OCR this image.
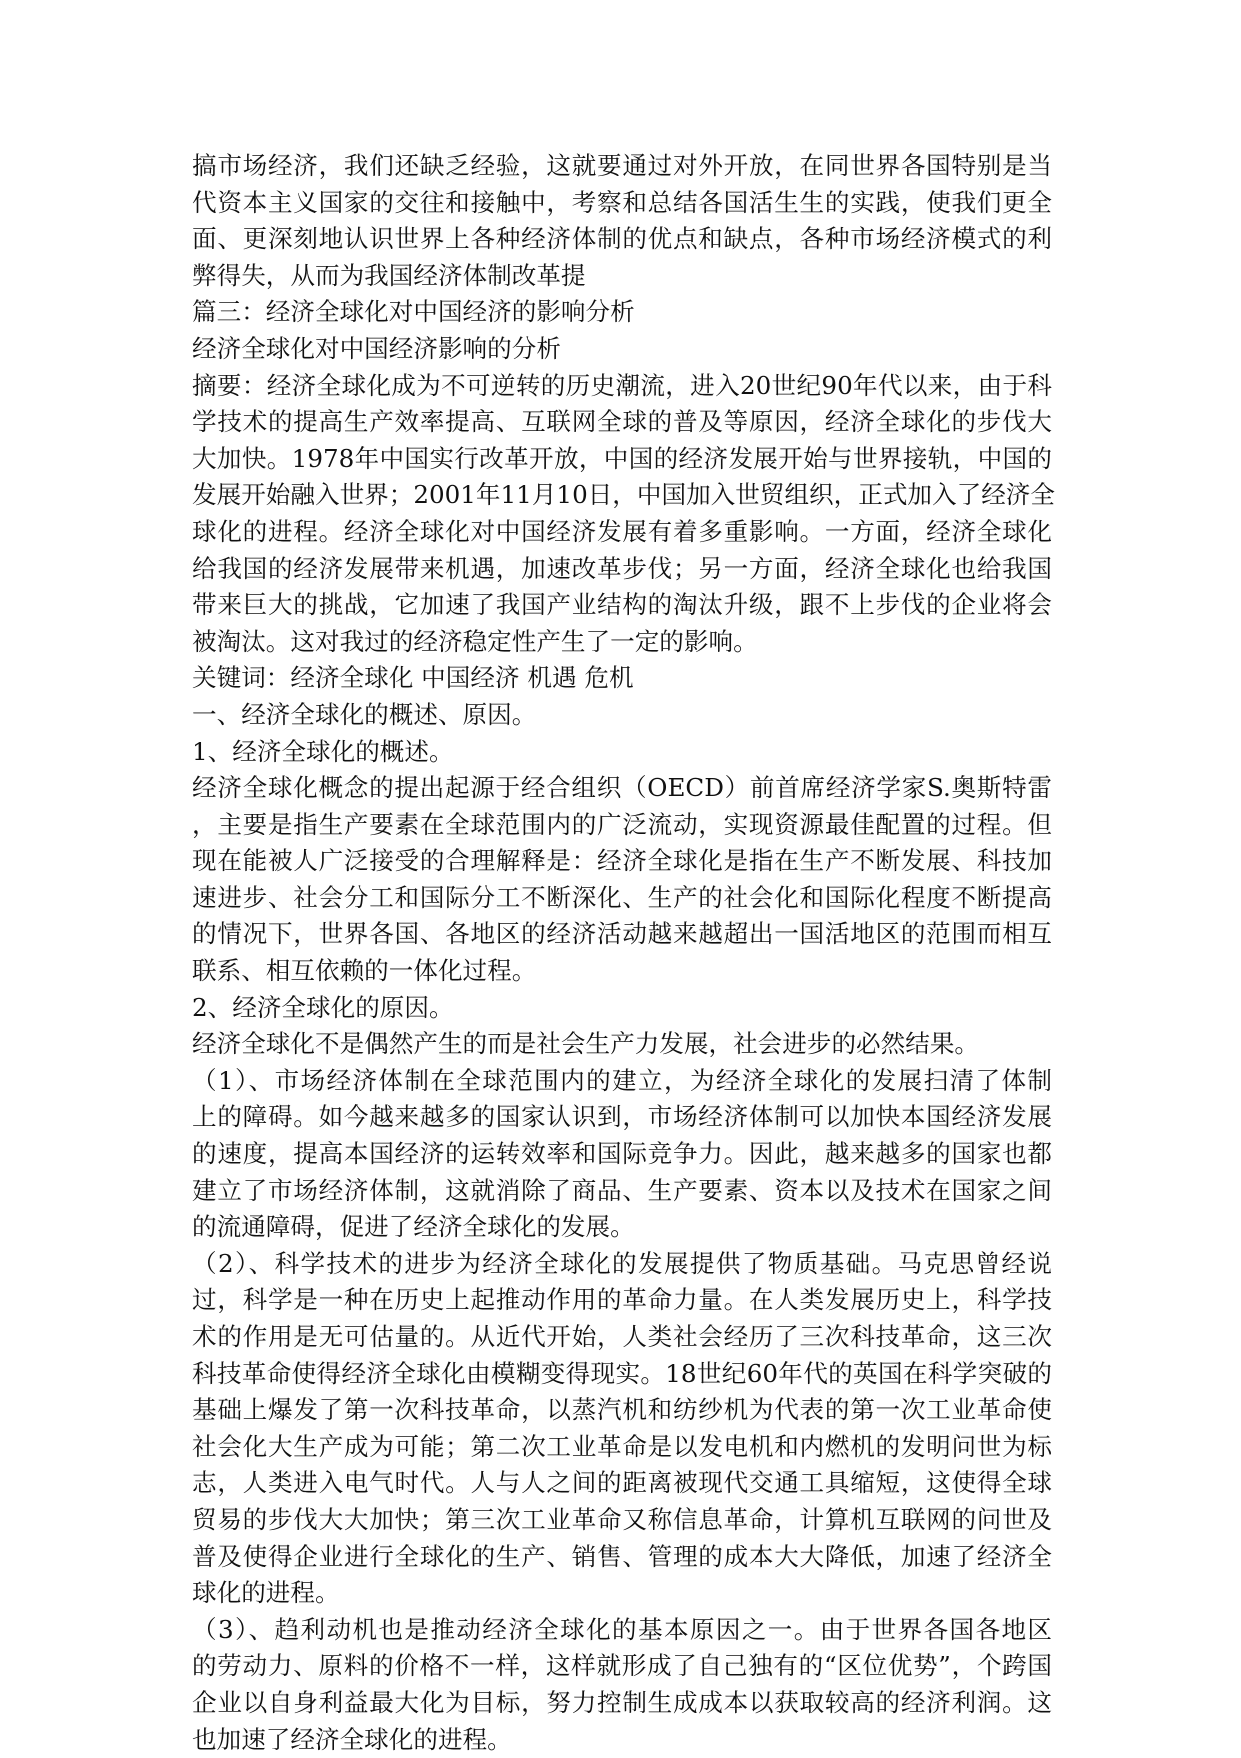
搞市场经济，我们还缺乏经验，这就要通过对外开放，在同世界各国特别是当
代资本主义国家的交往和接触中，考察和总结各国活生生的实践，使我们更全
面、更深刻地认识世界上各种经济体制的优点和缺点，各种市场经济模式的利
弊得失，从而为我国经济体制改革提
篇三：经济全球化对中国经济的影响分析
经济全球化对中国经济影响的分析
摘要：经济全球化成为不可逆转的历史潮流，进入20世纪90年代以来，由于科
学技术的提高生产效率提高、互联网全球的普及等原因，经济全球化的步伐大
大加快。1978年中国实行改革开放，中国的经济发展开始与世界接轨，中国的
发展开始融入世界；2001年11月10日，中国加入世贸组织，正式加入了经济全
球化的进程。经济全球化对中国经济发展有着多重影响。一方面，经济全球化
给我国的经济发展带来机遇，加速改革步伐；另一方面，经济全球化也给我国
带来巨大的挑战，它加速了我国产业结构的淘汰升级，跟不上步伐的企业将会
被淘汰。这对我过的经济稳定性产生了一定的影响。
关键词：经济全球化 中国经济 机遇 危机
一、经济全球化的概述、原因。
1、经济全球化的概述。
经济全球化概念的提出起源于经合组织（OECD）前首席经济学家S.奥斯特雷
，主要是指生产要素在全球范围内的广泛流动，实现资源最佳配置的过程。但
现在能被人广泛接受的合理解释是：经济全球化是指在生产不断发展、科技加
速进步、社会分工和国际分工不断深化、生产的社会化和国际化程度不断提高
的情况下，世界各国、各地区的经济活动越来越超出一国活地区的范围而相互
联系、相互依赖的一体化过程。
2、经济全球化的原因。
经济全球化不是偶然产生的而是社会生产力发展，社会进步的必然结果。
（1）、市场经济体制在全球范围内的建立，为经济全球化的发展扫清了体制
上的障碍。如今越来越多的国家认识到，市场经济体制可以加快本国经济发展
的速度，提高本国经济的运转效率和国际竞争力。因此，越来越多的国家也都
建立了市场经济体制，这就消除了商品、生产要素、资本以及技术在国家之间
的流通障碍，促进了经济全球化的发展。
（2）、科学技术的进步为经济全球化的发展提供了物质基础。马克思曾经说
过，科学是一种在历史上起推动作用的革命力量。在人类发展历史上，科学技
术的作用是无可估量的。从近代开始，人类社会经历了三次科技革命，这三次
科技革命使得经济全球化由模糊变得现实。18世纪60年代的英国在科学突破的
基础上爆发了第一次科技革命，以蒸汽机和纺纱机为代表的第一次工业革命使
社会化大生产成为可能；第二次工业革命是以发电机和内燃机的发明问世为标
志，人类进入电气时代。人与人之间的距离被现代交通工具缩短，这使得全球
贸易的步伐大大加快；第三次工业革命又称信息革命，计算机互联网的问世及
普及使得企业进行全球化的生产、销售、管理的成本大大降低，加速了经济全
球化的进程。
（3）、趋利动机也是推动经济全球化的基本原因之一。由于世界各国各地区
的劳动力、原料的价格不一样，这样就形成了自己独有的“区位优势”，个跨国
企业以自身利益最大化为目标，努力控制生成成本以获取较高的经济利润。这
也加速了经济全球化的进程。
